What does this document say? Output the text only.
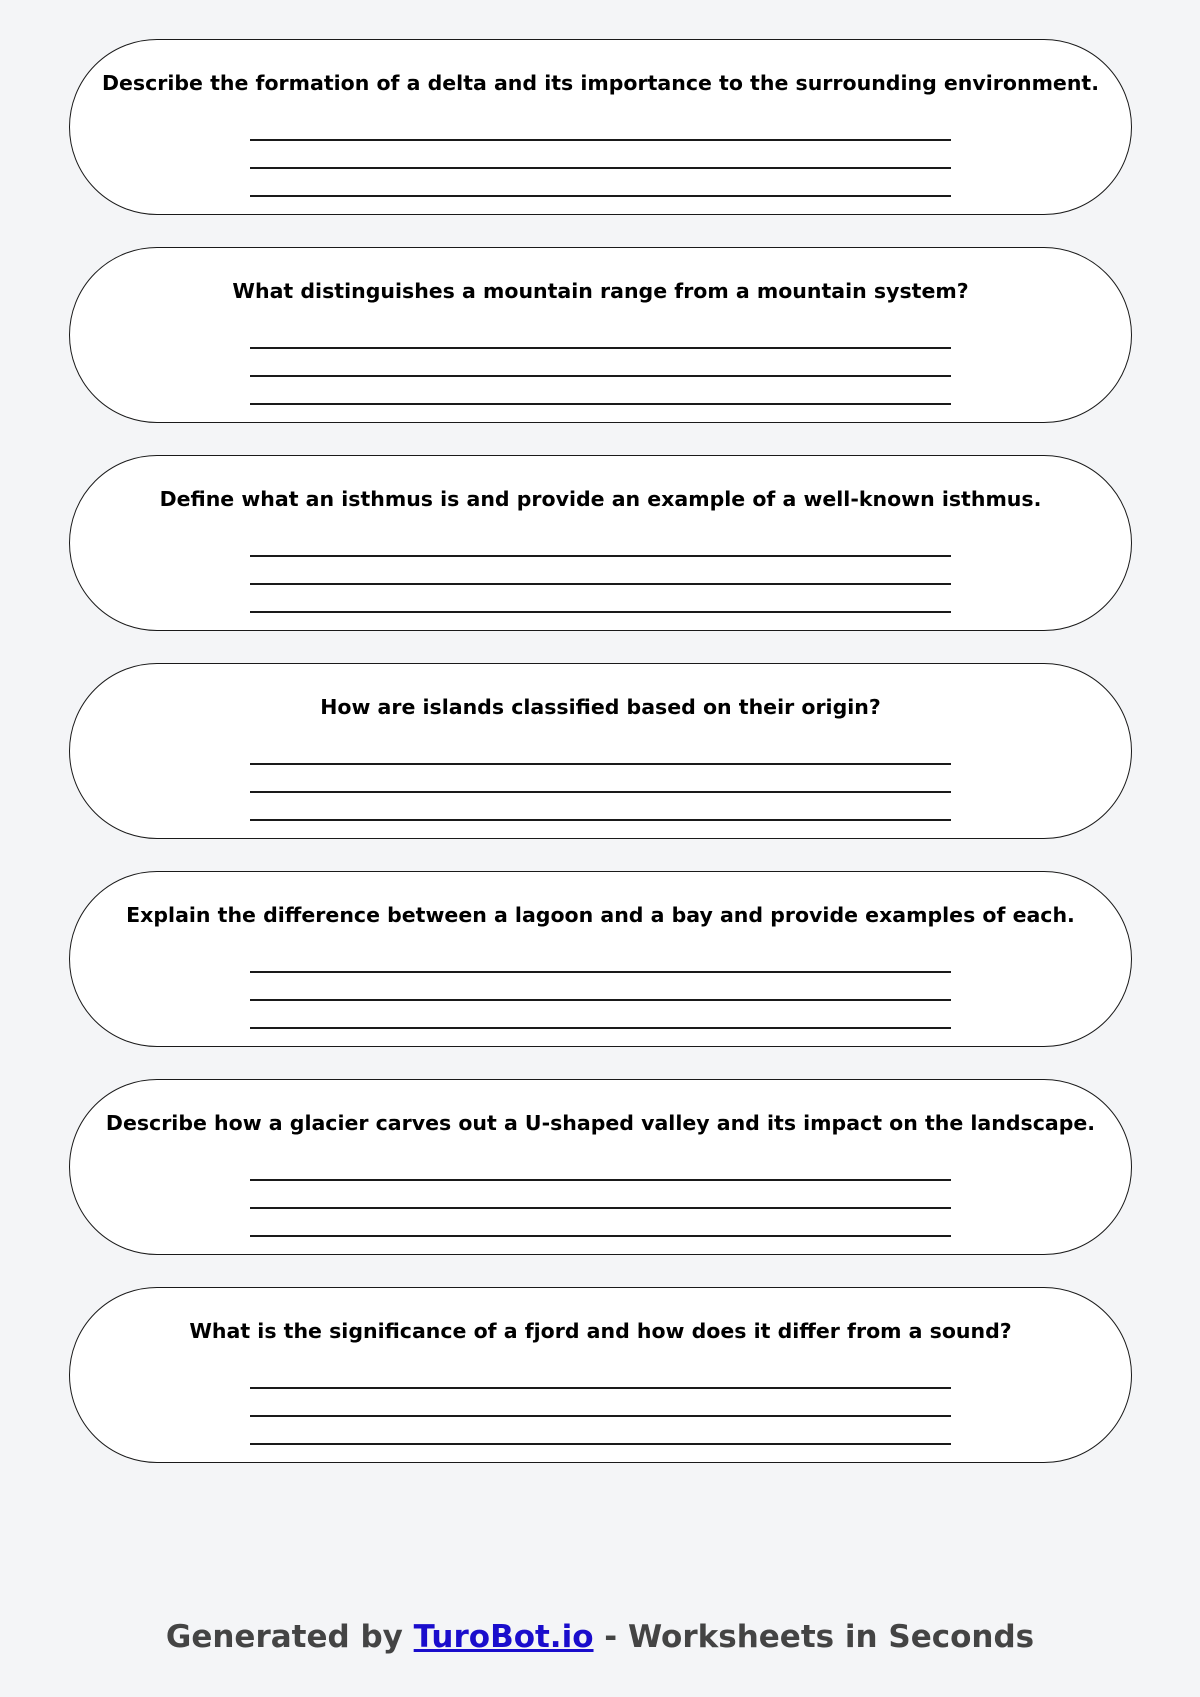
Describe the formation of a delta and its importance to the surrounding environment.
What distinguishes a mountain range from a mountain system?
Define what an isthmus is and provide an example of a well-known isthmus.
How are islands classified based on their origin?
Explain the difference between a lagoon and a bay and provide examples of each.
Describe how a glacier carves out a U-shaped valley and its impact on the landscape.
What is the significance of a fjord and how does it differ from a sound?
Generated by TuroBot.io - Worksheets in Seconds
